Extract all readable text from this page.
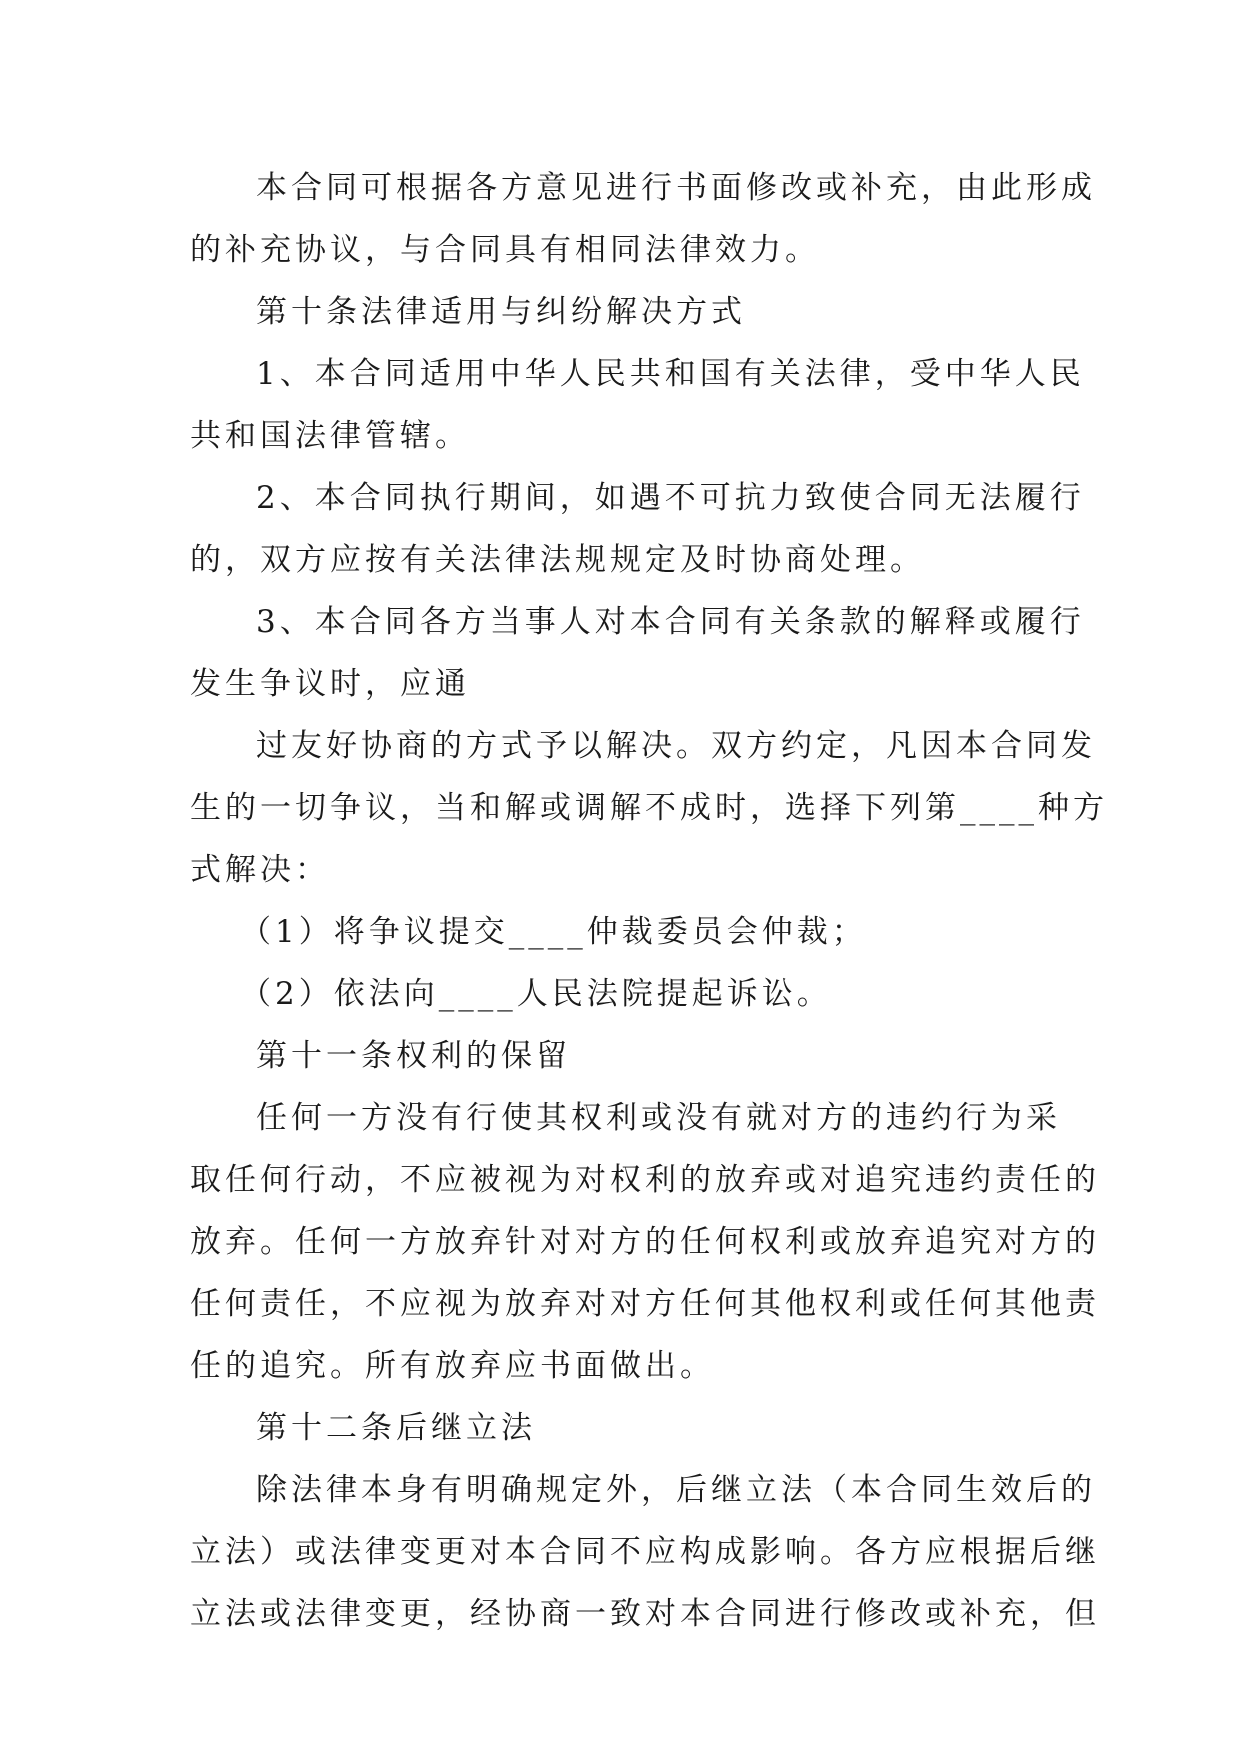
本合同可根据各方意见进行书面修改或补充，由此形成
的补充协议，与合同具有相同法律效力。
第十条法律适用与纠纷解决方式
1、本合同适用中华人民共和国有关法律，受中华人民
共和国法律管辖。
2、本合同执行期间，如遇不可抗力致使合同无法履行
的，双方应按有关法律法规规定及时协商处理。
3、本合同各方当事人对本合同有关条款的解释或履行
发生争议时，应通
过友好协商的方式予以解决。双方约定，凡因本合同发
生的一切争议，当和解或调解不成时，选择下列第____种方
式解决：
（1）将争议提交____仲裁委员会仲裁；
（2）依法向____人民法院提起诉讼。
第十一条权利的保留
任何一方没有行使其权利或没有就对方的违约行为采
取任何行动，不应被视为对权利的放弃或对追究违约责任的
放弃。任何一方放弃针对对方的任何权利或放弃追究对方的
任何责任，不应视为放弃对对方任何其他权利或任何其他责
任的追究。所有放弃应书面做出。
第十二条后继立法
除法律本身有明确规定外，后继立法（本合同生效后的
立法）或法律变更对本合同不应构成影响。各方应根据后继
立法或法律变更，经协商一致对本合同进行修改或补充，但
